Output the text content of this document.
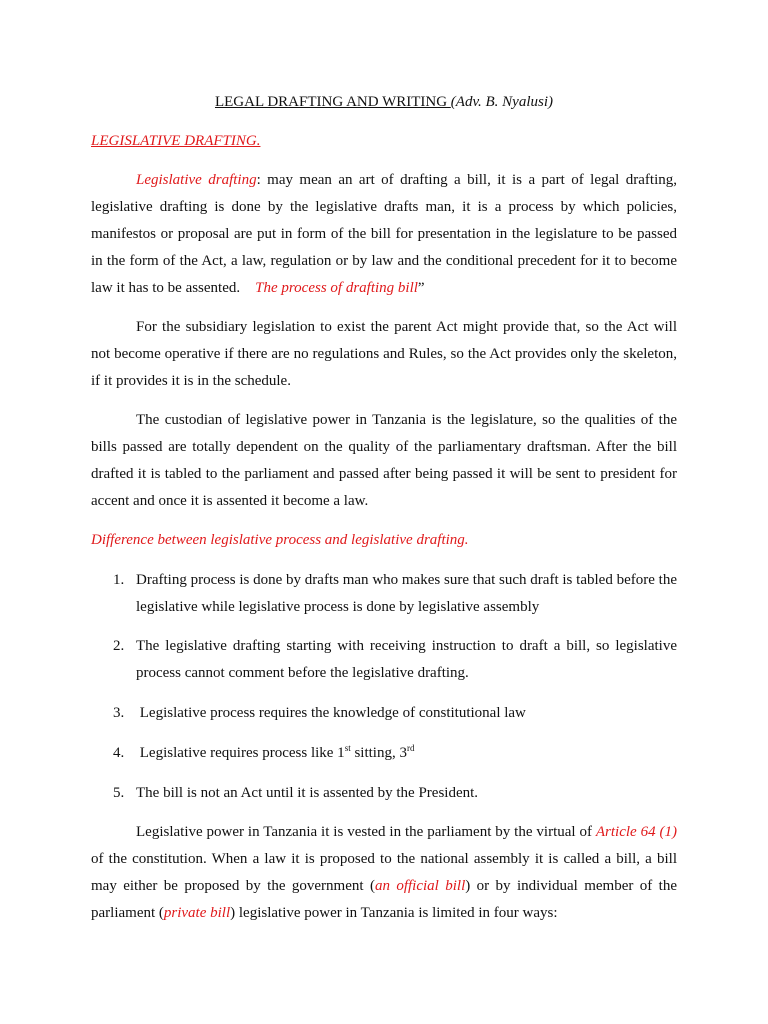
LEGAL DRAFTING AND WRITING (Adv. B. Nyalusi)
LEGISLATIVE DRAFTING.

Legislative drafting: may mean an art of drafting a bill, it is a part of legal drafting, legislative drafting is done by the legislative drafts man, it is a process by which policies, manifestos or proposal are put in form of the bill for presentation in the legislature to be passed in the form of the Act, a law, regulation or by law and the conditional precedent for it to become law it has to be assented. The process of drafting bill”

For the subsidiary legislation to exist the parent Act might provide that, so the Act will not become operative if there are no regulations and Rules, so the Act provides only the skeleton, if it provides it is in the schedule.

The custodian of legislative power in Tanzania is the legislature, so the qualities of the bills passed are totally dependent on the quality of the parliamentary draftsman. After the bill drafted it is tabled to the parliament and passed after being passed it will be sent to president for accent and once it is assented it become a law.

Difference between legislative process and legislative drafting.
1. Drafting process is done by drafts man who makes sure that such draft is tabled before the legislative while legislative process is done by legislative assembly
2. The legislative drafting starting with receiving instruction to draft a bill, so legislative process cannot comment before the legislative drafting.
3. Legislative process requires the knowledge of constitutional law
4. Legislative requires process like 1st sitting, 3rd
5. The bill is not an Act until it is assented by the President.

Legislative power in Tanzania it is vested in the parliament by the virtual of Article 64 (1) of the constitution. When a law it is proposed to the national assembly it is called a bill, a bill may either be proposed by the government (an official bill) or by individual member of the parliament (private bill) legislative power in Tanzania is limited in four ways:
